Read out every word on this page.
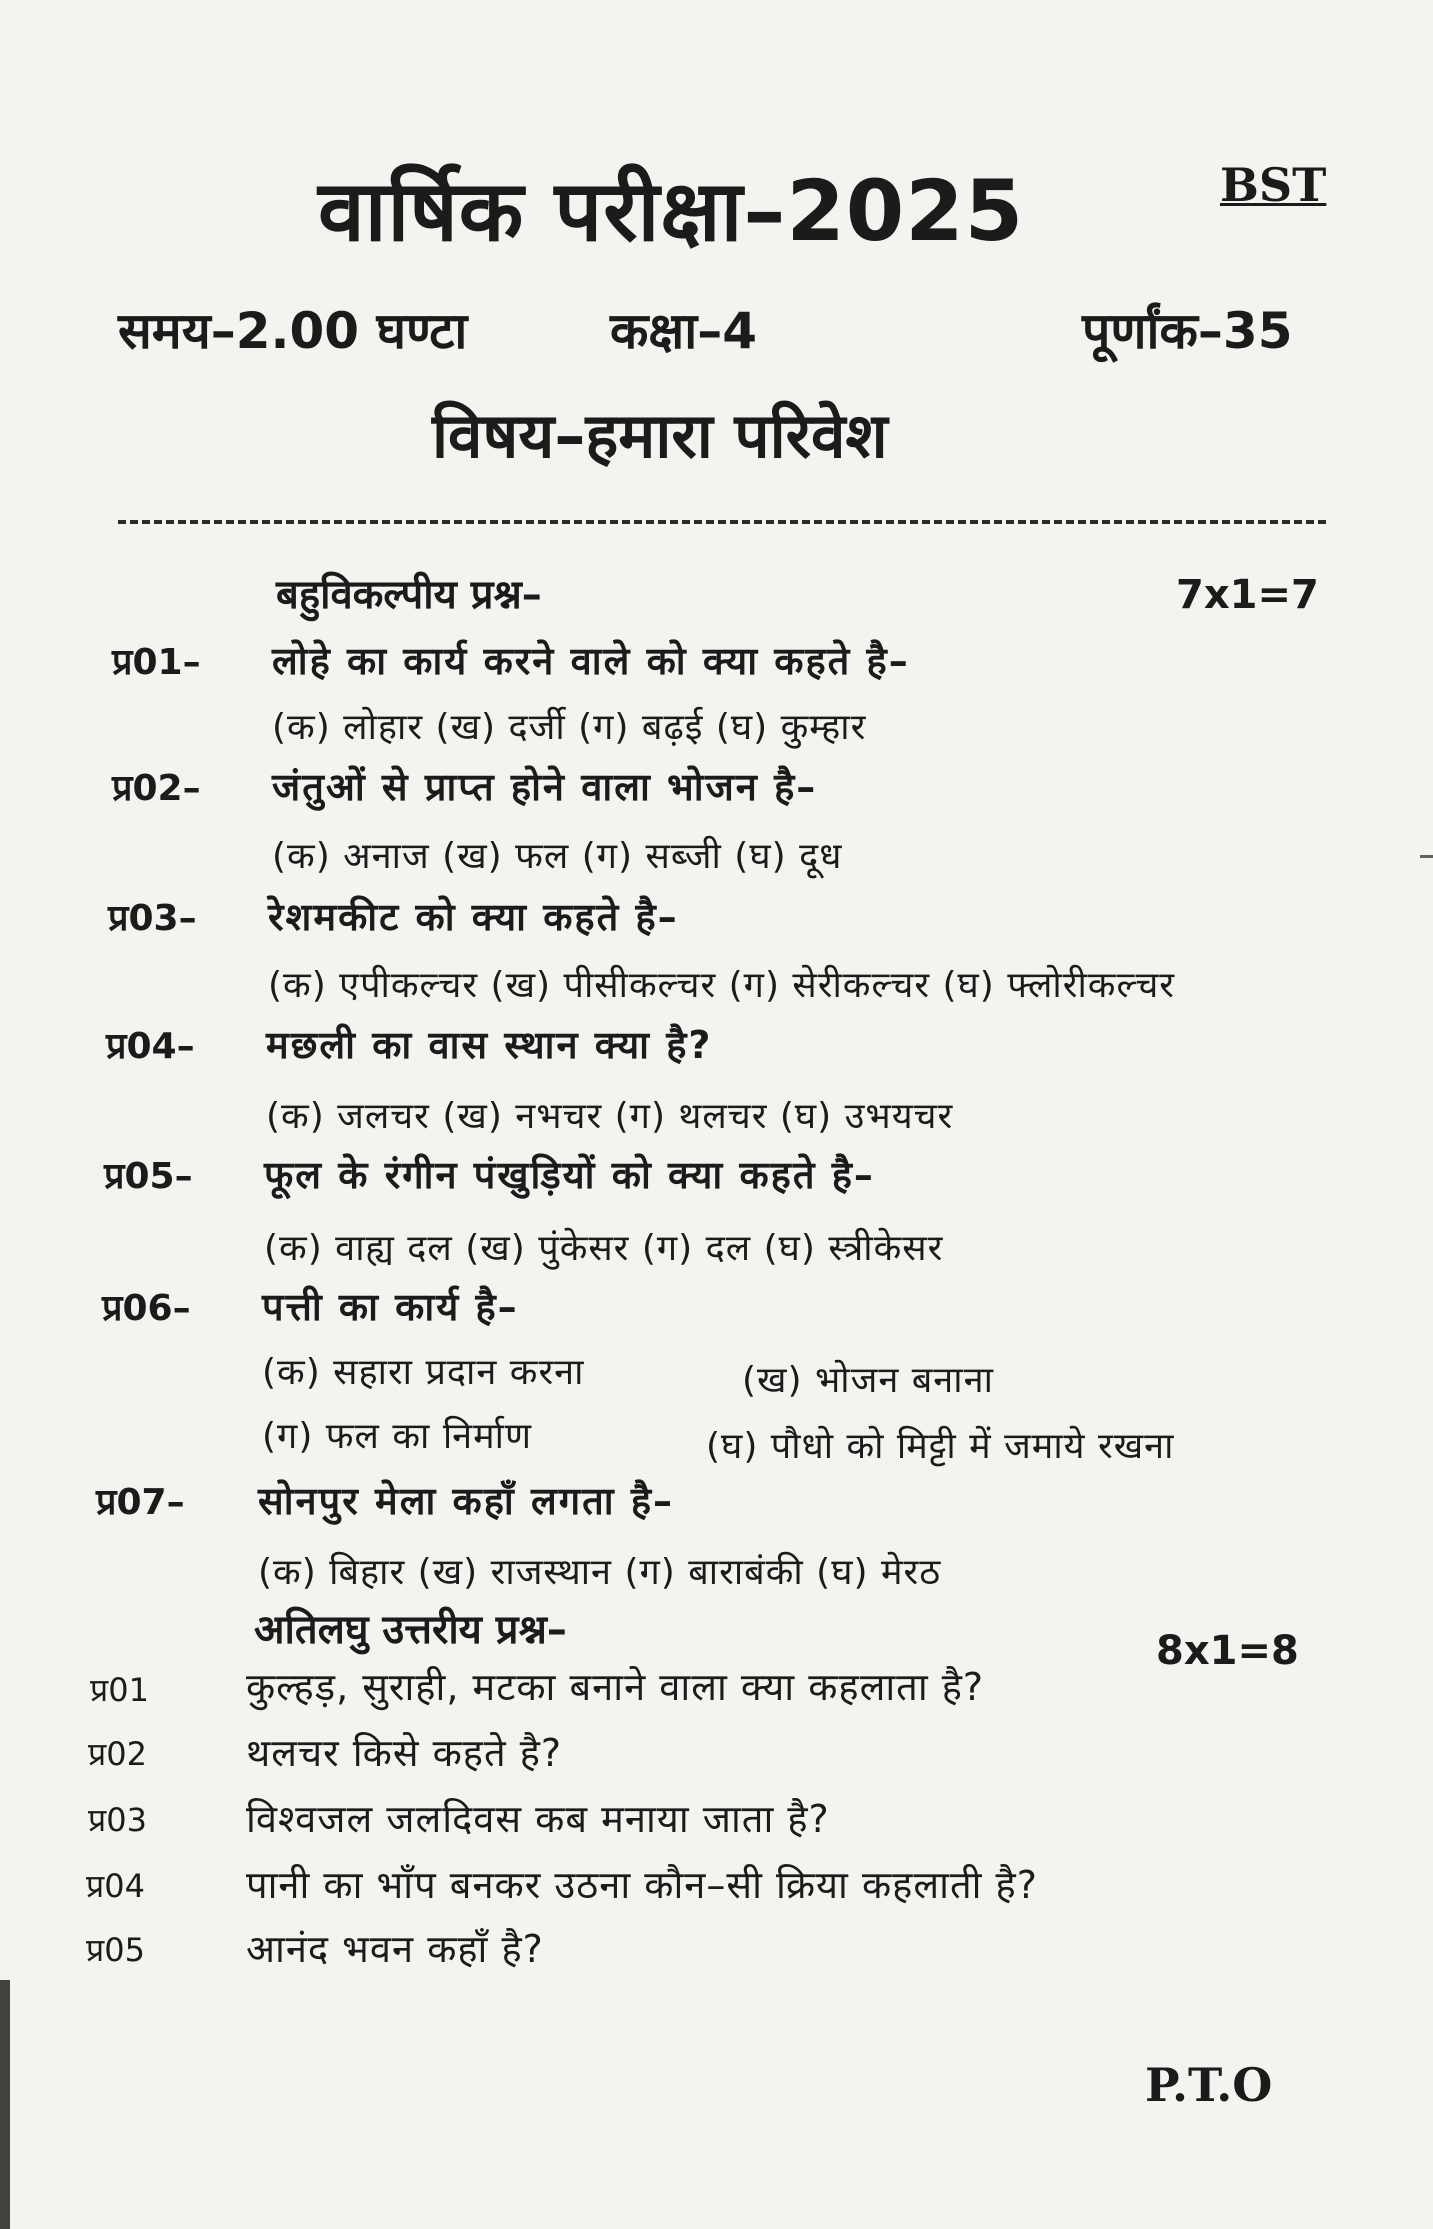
वार्षिक परीक्षा–2025	BST
समय–2.00 घण्टा	कक्षा–4	पूर्णांक–35
विषय–हमारा परिवेश
बहुविकल्पीय प्रश्न–	7x1=7
प्र01– लोहे का कार्य करने वाले को क्या कहते है–
(क) लोहार (ख) दर्जी (ग) बढ़ई (घ) कुम्हार
प्र02– जंतुओं से प्राप्त होने वाला भोजन है–
(क) अनाज (ख) फल (ग) सब्जी (घ) दूध
प्र03– रेशमकीट को क्या कहते है–
(क) एपीकल्चर (ख) पीसीकल्चर (ग) सेरीकल्चर (घ) फ्लोरीकल्चर
प्र04– मछली का वास स्थान क्या है?
(क) जलचर (ख) नभचर (ग) थलचर (घ) उभयचर
प्र05– फूल के रंगीन पंखुड़ियों को क्या कहते है–
(क) वाह्य दल (ख) पुंकेसर (ग) दल (घ) स्त्रीकेसर
प्र06– पत्ती का कार्य है–
(क) सहारा प्रदान करना	(ख) भोजन बनाना
(ग) फल का निर्माण	(घ) पौधो को मिट्टी में जमाये रखना
प्र07– सोनपुर मेला कहाँ लगता है–
(क) बिहार (ख) राजस्थान (ग) बाराबंकी (घ) मेरठ
अतिलघु उत्तरीय प्रश्न–	8x1=8
प्र01	कुल्हड़, सुराही, मटका बनाने वाला क्या कहलाता है?
प्र02	थलचर किसे कहते है?
प्र03	विश्वजल जलदिवस कब मनाया जाता है?
प्र04	पानी का भाँप बनकर उठना कौन–सी क्रिया कहलाती है?
प्र05	आनंद भवन कहाँ है?
P.T.O
